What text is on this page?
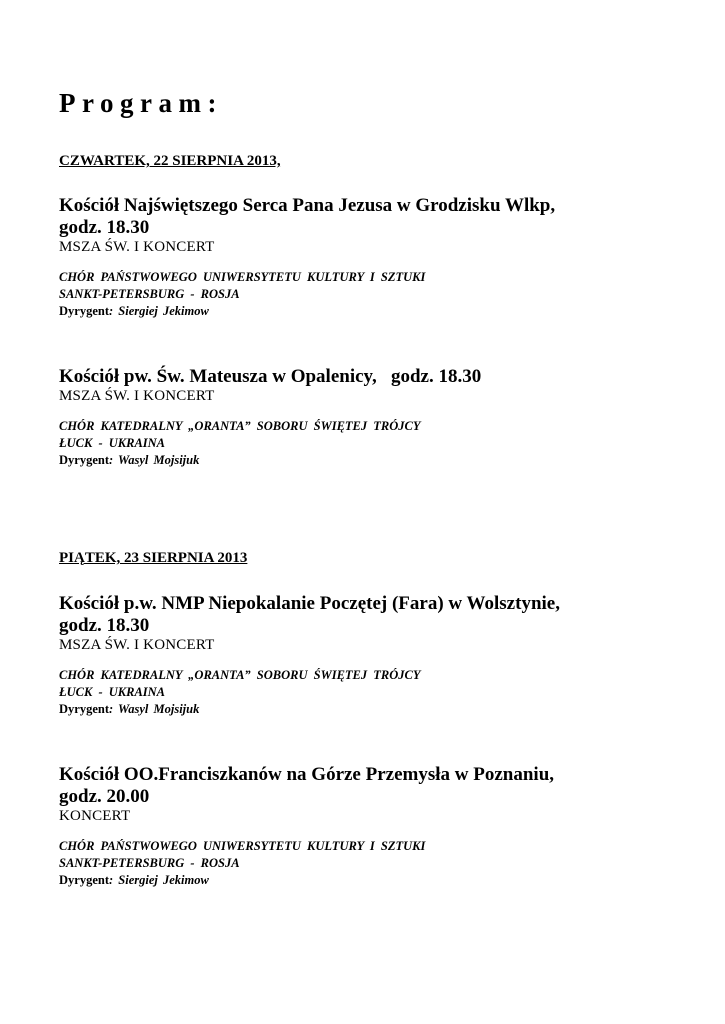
Program:

CZWARTEK, 22 SIERPNIA 2013,

Kościół Najświętszego Serca Pana Jezusa w Grodzisku Wlkp,
godz. 18.30

MSZA ŚW. I KONCERT

CHÓR PAŃSTWOWEGO UNIWERSYTETU KULTURY I SZTUKI
SANKT-PETERSBURG - ROSJA

Dyrygent: Siergiej Jekimow

Kościół pw. Św. Mateusza w Opalenicy,   godz. 18.30

MSZA ŚW. I KONCERT

CHÓR KATEDRALNY „ORANTA” SOBORU ŚWIĘTEJ TRÓJCY
ŁUCK - UKRAINA

Dyrygent: Wasyl Mojsijuk

PIĄTEK, 23 SIERPNIA 2013

Kościół p.w. NMP Niepokalanie Poczętej (Fara) w Wolsztynie,
godz. 18.30

MSZA ŚW. I KONCERT

CHÓR KATEDRALNY „ORANTA” SOBORU ŚWIĘTEJ TRÓJCY
ŁUCK - UKRAINA

Dyrygent: Wasyl Mojsijuk

Kościół OO.Franciszkanów na Górze Przemysła w Poznaniu,
godz. 20.00

KONCERT

CHÓR PAŃSTWOWEGO UNIWERSYTETU KULTURY I SZTUKI
SANKT-PETERSBURG - ROSJA

Dyrygent: Siergiej Jekimow
